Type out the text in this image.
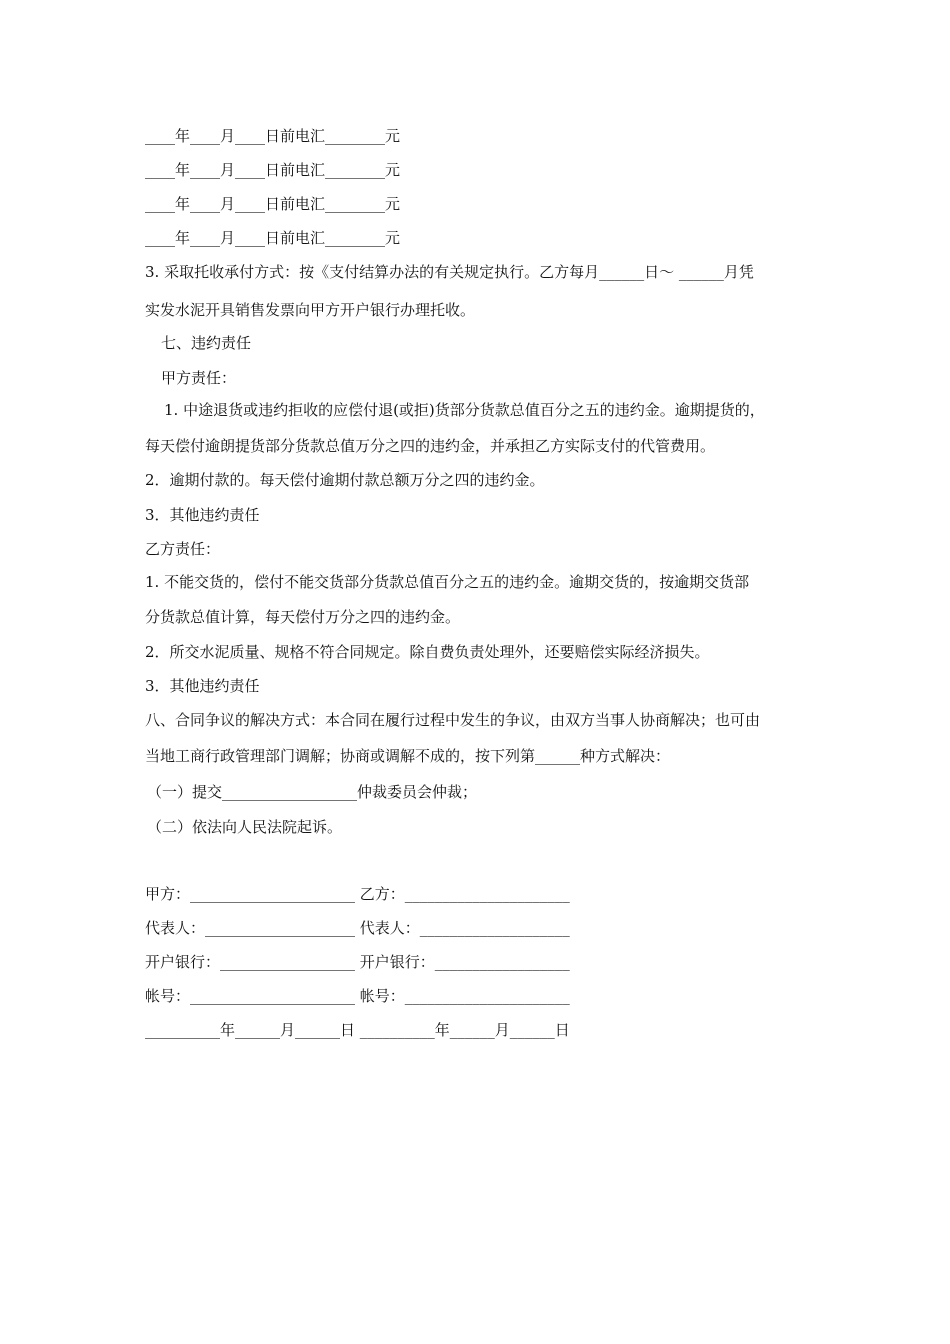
____年____月____日前电汇________元
____年____月____日前电汇________元
____年____月____日前电汇________元
____年____月____日前电汇________元
3. 采取托收承付方式：按《支付结算办法的有关规定执行。乙方每月______日～ ______月凭
实发水泥开具销售发票向甲方开户银行办理托收。
七、违约责任
甲方责任：
1. 中途退货或违约拒收的应偿付退(或拒)货部分货款总值百分之五的违约金。逾期提货的，
每天偿付逾朗提货部分货款总值万分之四的违约金，并承担乙方实际支付的代管费用。
2．逾期付款的。每天偿付逾期付款总额万分之四的违约金。
3．其他违约责任
乙方责任：
1. 不能交货的，偿付不能交货部分货款总值百分之五的违约金。逾期交货的，按逾期交货部
分货款总值计算，每天偿付万分之四的违约金。
2．所交水泥质量、规格不符合同规定。除自费负责处理外，还要赔偿实际经济损失。
3．其他违约责任
八、合同争议的解决方式：本合同在履行过程中发生的争议，由双方当事人协商解决；也可由
当地工商行政管理部门调解；协商或调解不成的，按下列第______种方式解决：
（一）提交__________________仲裁委员会仲裁；
（二）依法向人民法院起诉。
甲方：______________________ 乙方：______________________
代表人：____________________ 代表人：____________________
开户银行：__________________ 开户银行：__________________
帐号：______________________ 帐号：______________________
__________年______月______日 __________年______月______日
